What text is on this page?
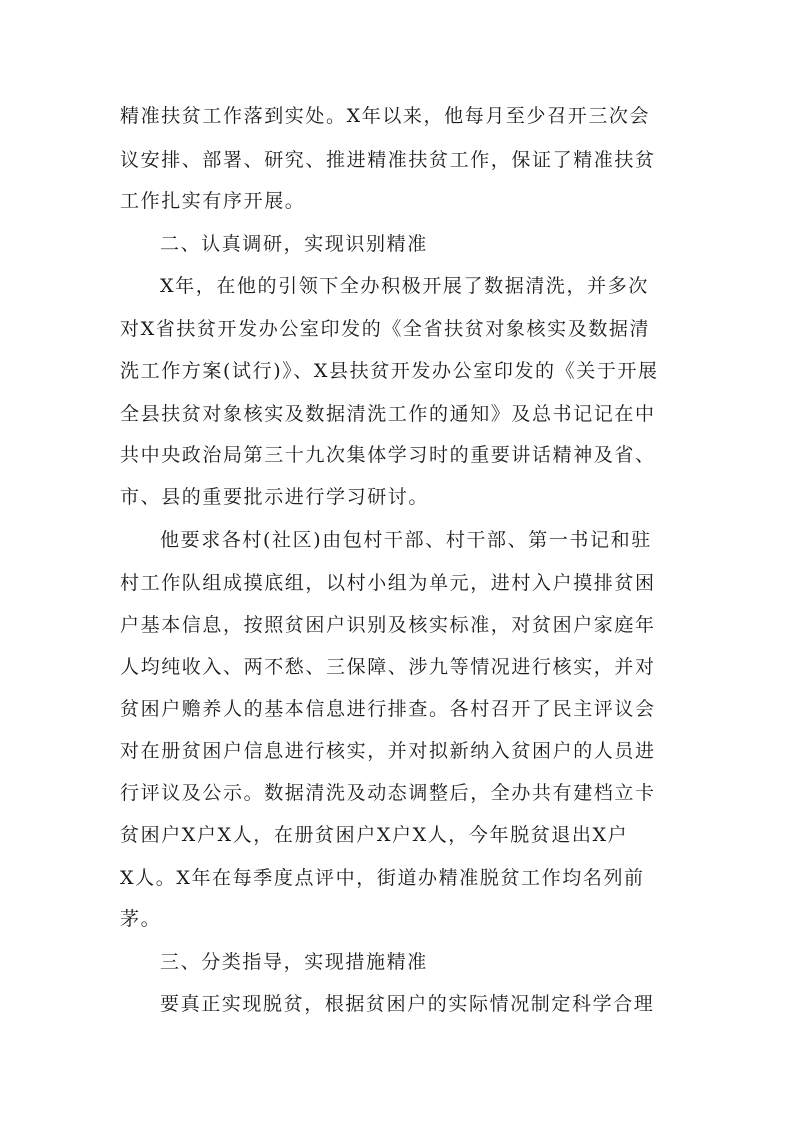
精准扶贫工作落到实处。X年以来，他每月至少召开三次会
议安排、部署、研究、推进精准扶贫工作，保证了精准扶贫
工作扎实有序开展。
二、认真调研，实现识别精准
X年，在他的引领下全办积极开展了数据清洗，并多次
对X省扶贫开发办公室印发的《全省扶贫对象核实及数据清
洗工作方案(试行)》、X县扶贫开发办公室印发的《关于开展
全县扶贫对象核实及数据清洗工作的通知》及总书记记在中
共中央政治局第三十九次集体学习时的重要讲话精神及省、
市、县的重要批示进行学习研讨。
他要求各村(社区)由包村干部、村干部、第一书记和驻
村工作队组成摸底组，以村小组为单元，进村入户摸排贫困
户基本信息，按照贫困户识别及核实标准，对贫困户家庭年
人均纯收入、两不愁、三保障、涉九等情况进行核实，并对
贫困户赡养人的基本信息进行排查。各村召开了民主评议会
对在册贫困户信息进行核实，并对拟新纳入贫困户的人员进
行评议及公示。数据清洗及动态调整后，全办共有建档立卡
贫困户X户X人，在册贫困户X户X人，今年脱贫退出X户
X人。X年在每季度点评中，街道办精准脱贫工作均名列前
茅。
三、分类指导，实现措施精准
要真正实现脱贫，根据贫困户的实际情况制定科学合理
